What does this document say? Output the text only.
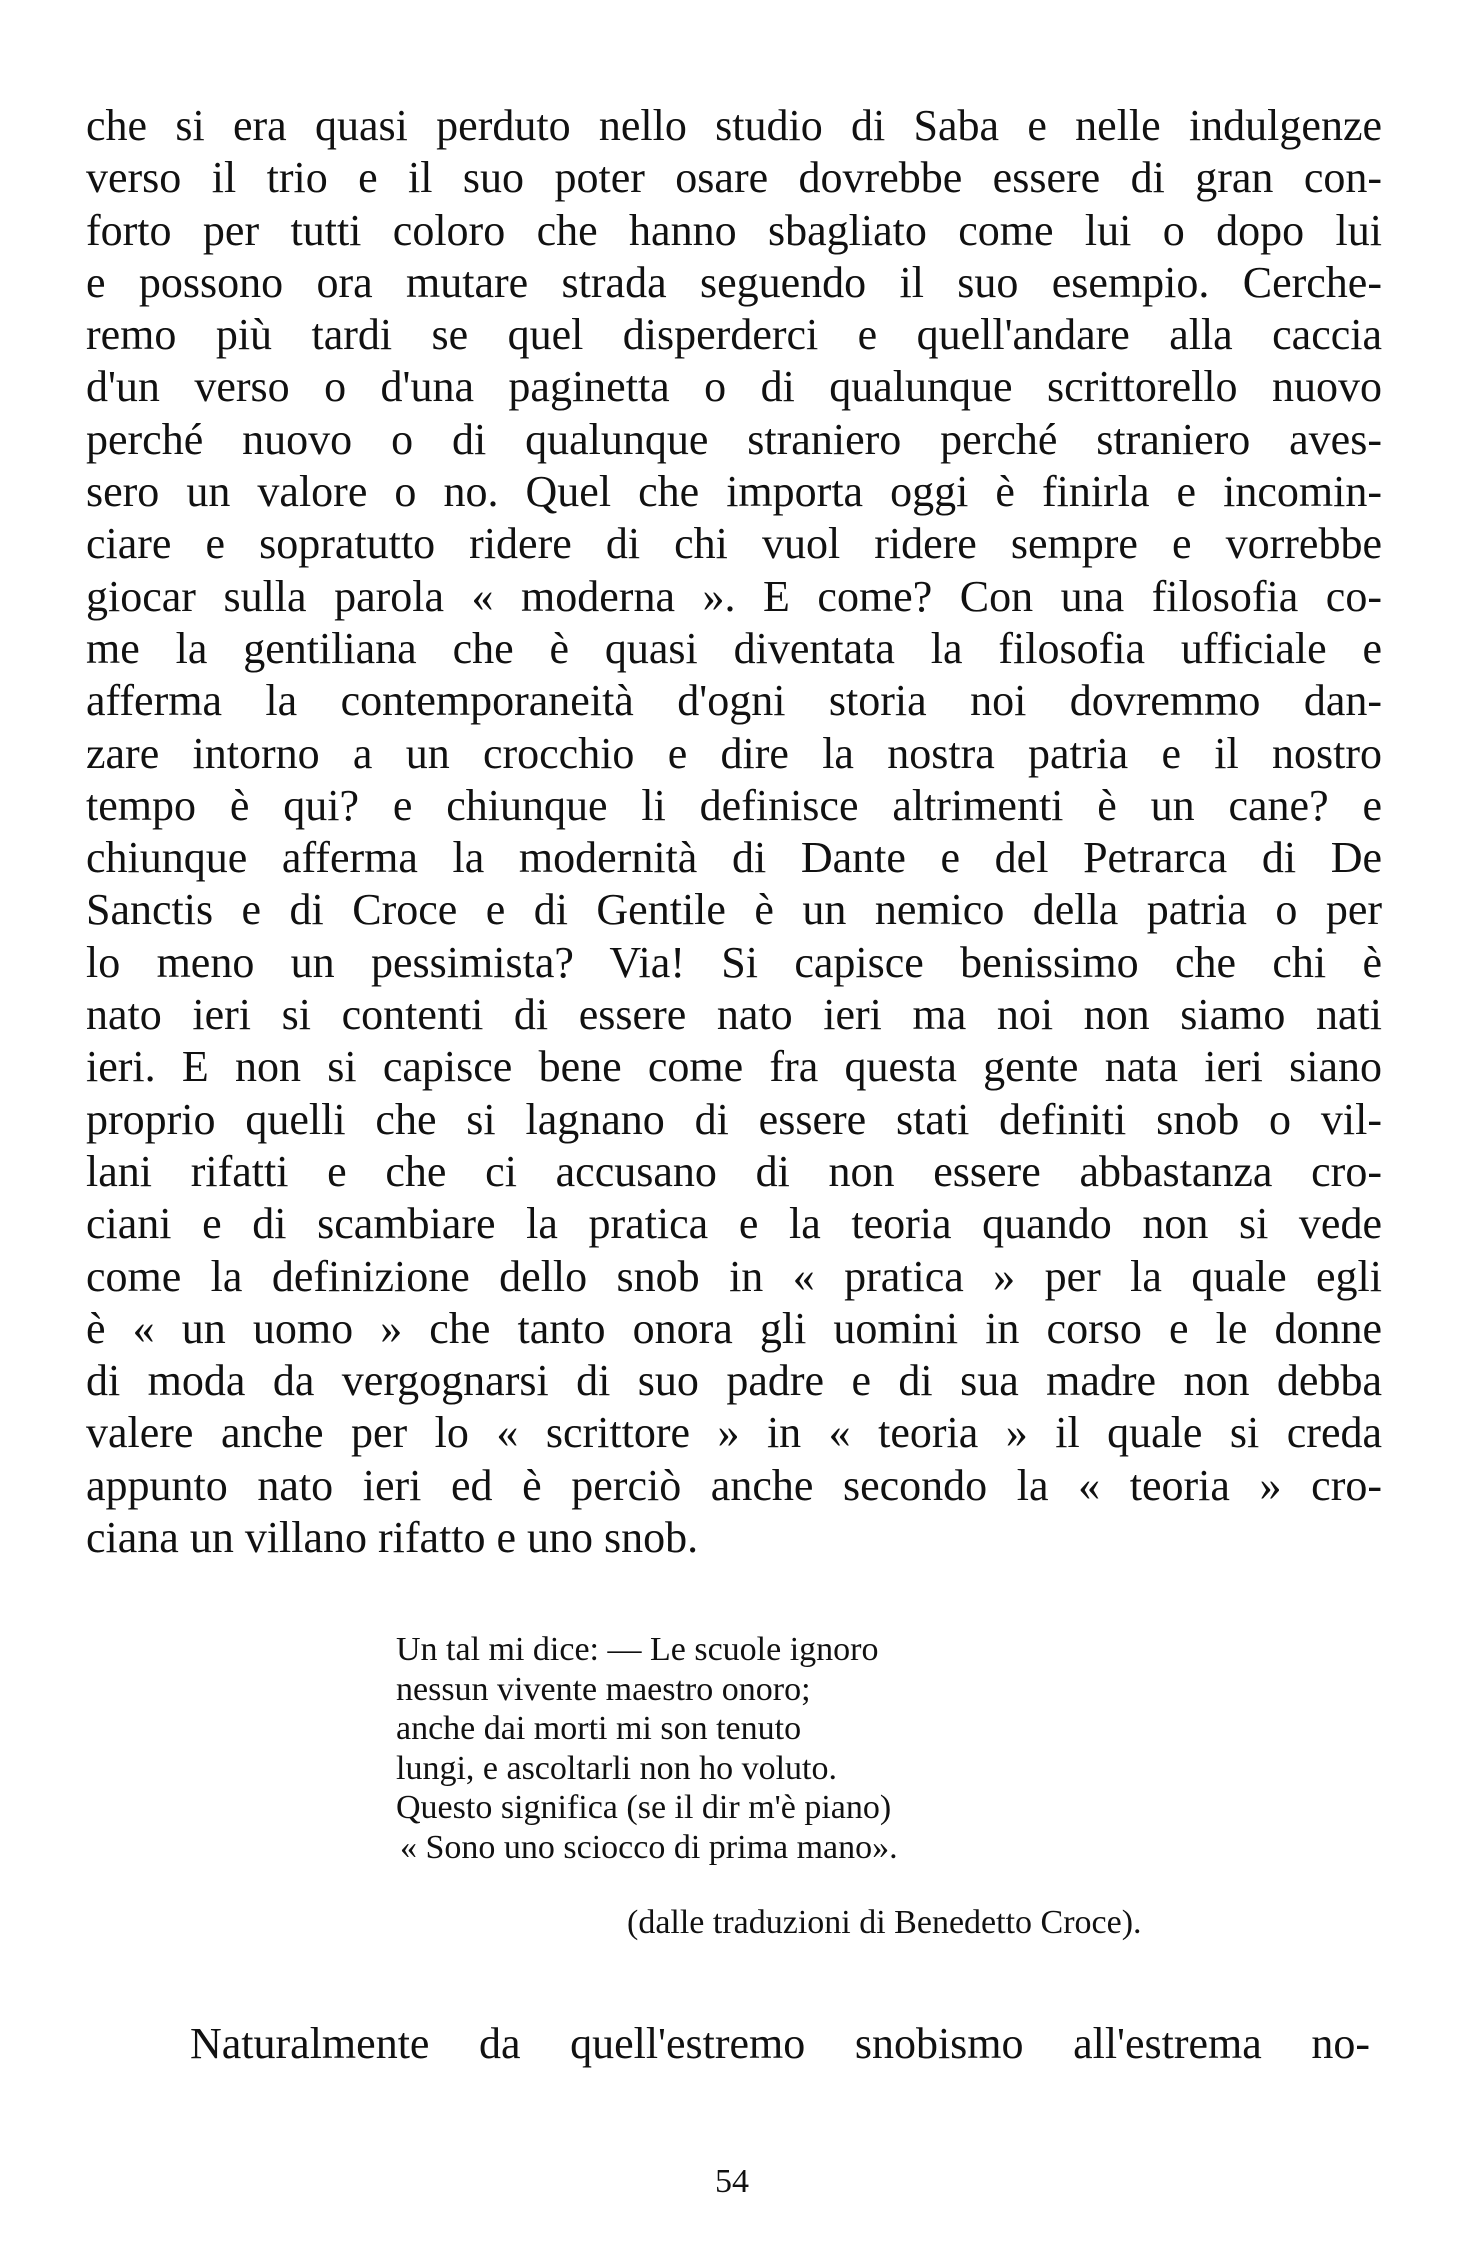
che si era quasi perduto nello studio di Saba e nelle indulgenze
verso il trio e il suo poter osare dovrebbe essere di gran con-
forto per tutti coloro che hanno sbagliato come lui o dopo lui
e possono ora mutare strada seguendo il suo esempio. Cerche-
remo più tardi se quel disperderci e quell'andare alla caccia
d'un verso o d'una paginetta o di qualunque scrittorello nuovo
perché nuovo o di qualunque straniero perché straniero aves-
sero un valore o no. Quel che importa oggi è finirla e incomin-
ciare e sopratutto ridere di chi vuol ridere sempre e vorrebbe
giocar sulla parola « moderna ». E come? Con una filosofia co-
me la gentiliana che è quasi diventata la filosofia ufficiale e
afferma la contemporaneità d'ogni storia noi dovremmo dan-
zare intorno a un crocchio e dire la nostra patria e il nostro
tempo è qui? e chiunque li definisce altrimenti è un cane? e
chiunque afferma la modernità di Dante e del Petrarca di De
Sanctis e di Croce e di Gentile è un nemico della patria o per
lo meno un pessimista? Via! Si capisce benissimo che chi è
nato ieri si contenti di essere nato ieri ma noi non siamo nati
ieri. E non si capisce bene come fra questa gente nata ieri siano
proprio quelli che si lagnano di essere stati definiti snob o vil-
lani rifatti e che ci accusano di non essere abbastanza cro-
ciani e di scambiare la pratica e la teoria quando non si vede
come la definizione dello snob in « pratica » per la quale egli
è « un uomo » che tanto onora gli uomini in corso e le donne
di moda da vergognarsi di suo padre e di sua madre non debba
valere anche per lo « scrittore » in « teoria » il quale si creda
appunto nato ieri ed è perciò anche secondo la « teoria » cro-
ciana un villano rifatto e uno snob.
Un tal mi dice: — Le scuole ignoro
nessun vivente maestro onoro;
anche dai morti mi son tenuto
lungi, e ascoltarli non ho voluto.
Questo significa (se il dir m'è piano)
« Sono uno sciocco di prima mano».
(dalle traduzioni di Benedetto Croce).
Naturalmente da quell'estremo snobismo all'estrema no-
54
